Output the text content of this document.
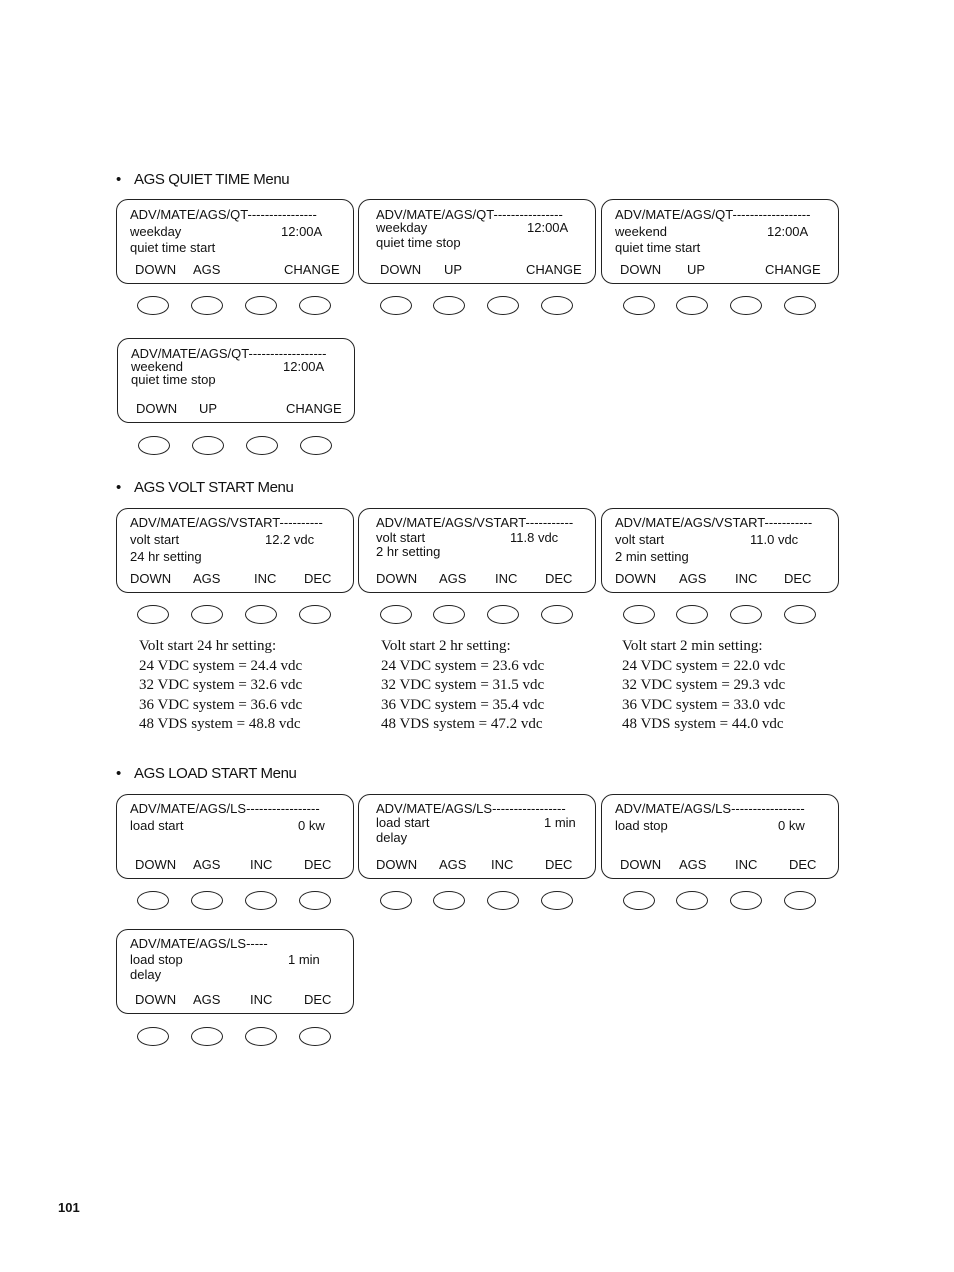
• AGS QUIET TIME Menu
ADV/MATE/AGS/QT----------------
weekday	12:00A
quiet time start
DOWN AGS	CHANGE
ADV/MATE/AGS/QT----------------
weekday	12:00A
quiet time stop
DOWN UP	CHANGE
ADV/MATE/AGS/QT------------------
weekend	12:00A
quiet time start
DOWN UP	CHANGE
ADV/MATE/AGS/QT------------------
weekend	12:00A
quiet time stop
DOWN UP	CHANGE
• AGS VOLT START Menu
ADV/MATE/AGS/VSTART----------
volt start	12.2 vdc
24 hr setting
DOWN AGS	INC DEC
ADV/MATE/AGS/VSTART-----------
volt start	11.8 vdc
2 hr setting
DOWN AGS INC DEC
ADV/MATE/AGS/VSTART-----------
volt start	11.0 vdc
2 min setting
DOWN AGS INC DEC
Volt start 24 hr setting:
24 VDC system = 24.4 vdc
32 VDC system = 32.6 vdc
36 VDC system = 36.6 vdc
48 VDS system = 48.8 vdc
Volt start 2 hr setting:
24 VDC system = 23.6 vdc
32 VDC system = 31.5 vdc
36 VDC system = 35.4 vdc
48 VDS system = 47.2 vdc
Volt start 2 min setting:
24 VDC system = 22.0 vdc
32 VDC system = 29.3 vdc
36 VDC system = 33.0 vdc
48 VDS system = 44.0 vdc
• AGS LOAD START Menu
ADV/MATE/AGS/LS-----------------
load start	0 kw
DOWN AGS INC DEC
ADV/MATE/AGS/LS-----------------
load start	1 min
delay
DOWN AGS INC DEC
ADV/MATE/AGS/LS-----------------
load stop	0 kw
DOWN AGS INC DEC
ADV/MATE/AGS/LS-----
load stop	1 min
delay
DOWN AGS INC DEC
101
